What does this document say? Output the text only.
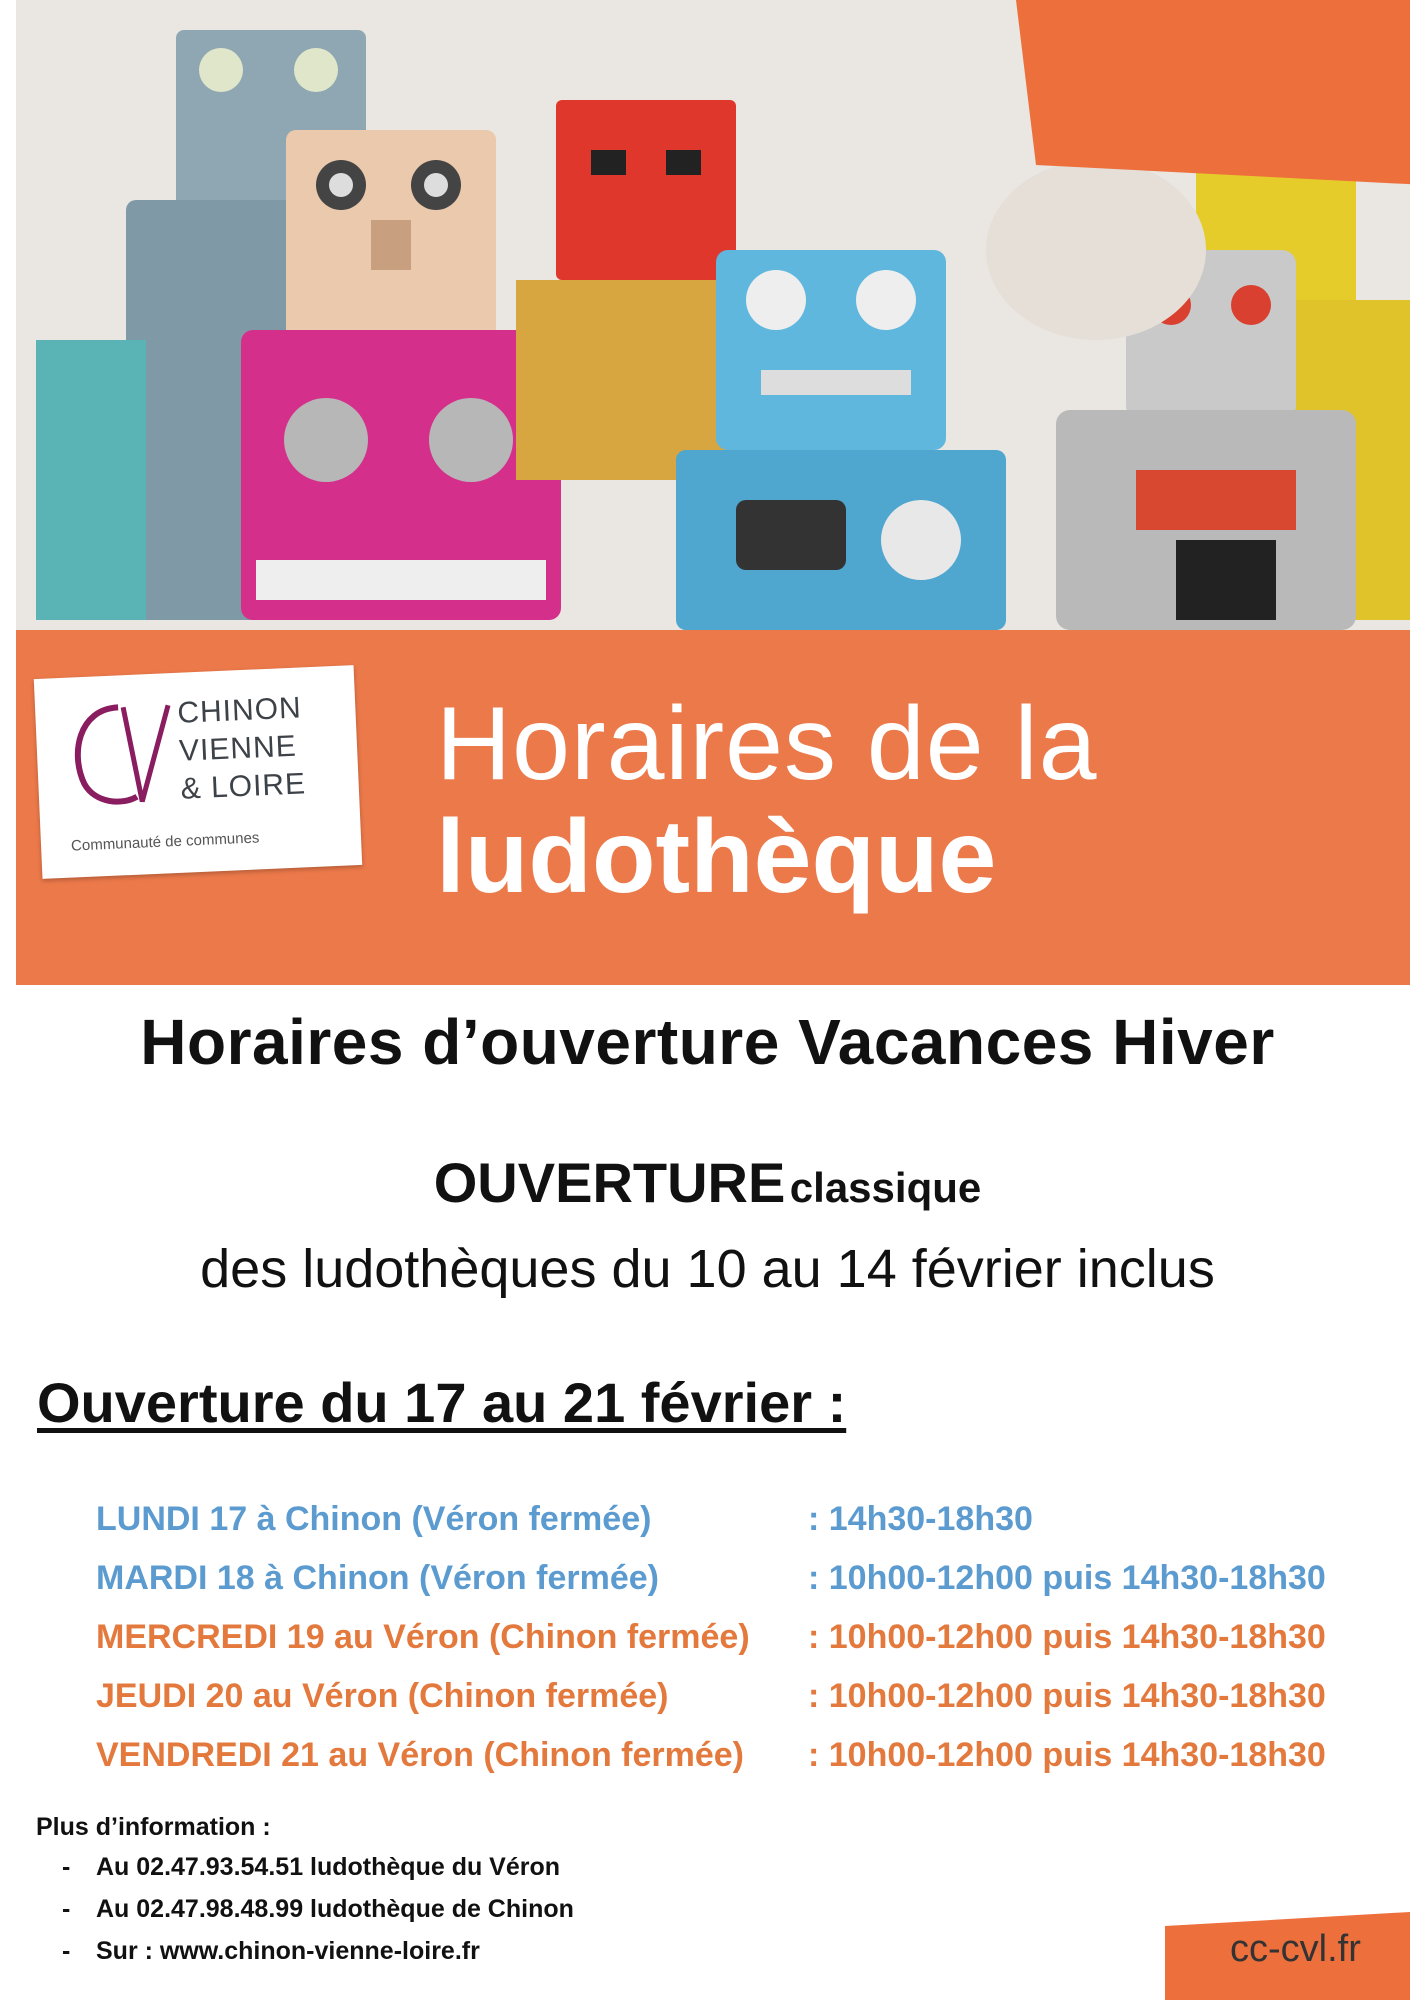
CHINON
VIENNE
& LOIRE
Communauté de communes
Horaires de la
ludothèque
Horaires d’ouverture Vacances Hiver
OUVERTURE classique
des ludothèques du 10 au 14 février inclus
Ouverture du 17 au 21 février :
LUNDI 17 à Chinon (Véron fermée)	: 14h30-18h30
MARDI 18 à Chinon (Véron fermée)	: 10h00-12h00 puis 14h30-18h30
MERCREDI 19 au Véron (Chinon fermée) : 10h00-12h00 puis 14h30-18h30
JEUDI 20 au Véron (Chinon fermée)	: 10h00-12h00 puis 14h30-18h30
VENDREDI 21 au Véron (Chinon fermée) : 10h00-12h00 puis 14h30-18h30
Plus d’information :
- Au 02.47.93.54.51 ludothèque du Véron
- Au 02.47.98.48.99 ludothèque de Chinon
- Sur : www.chinon-vienne-loire.fr	cc-cvl.fr
